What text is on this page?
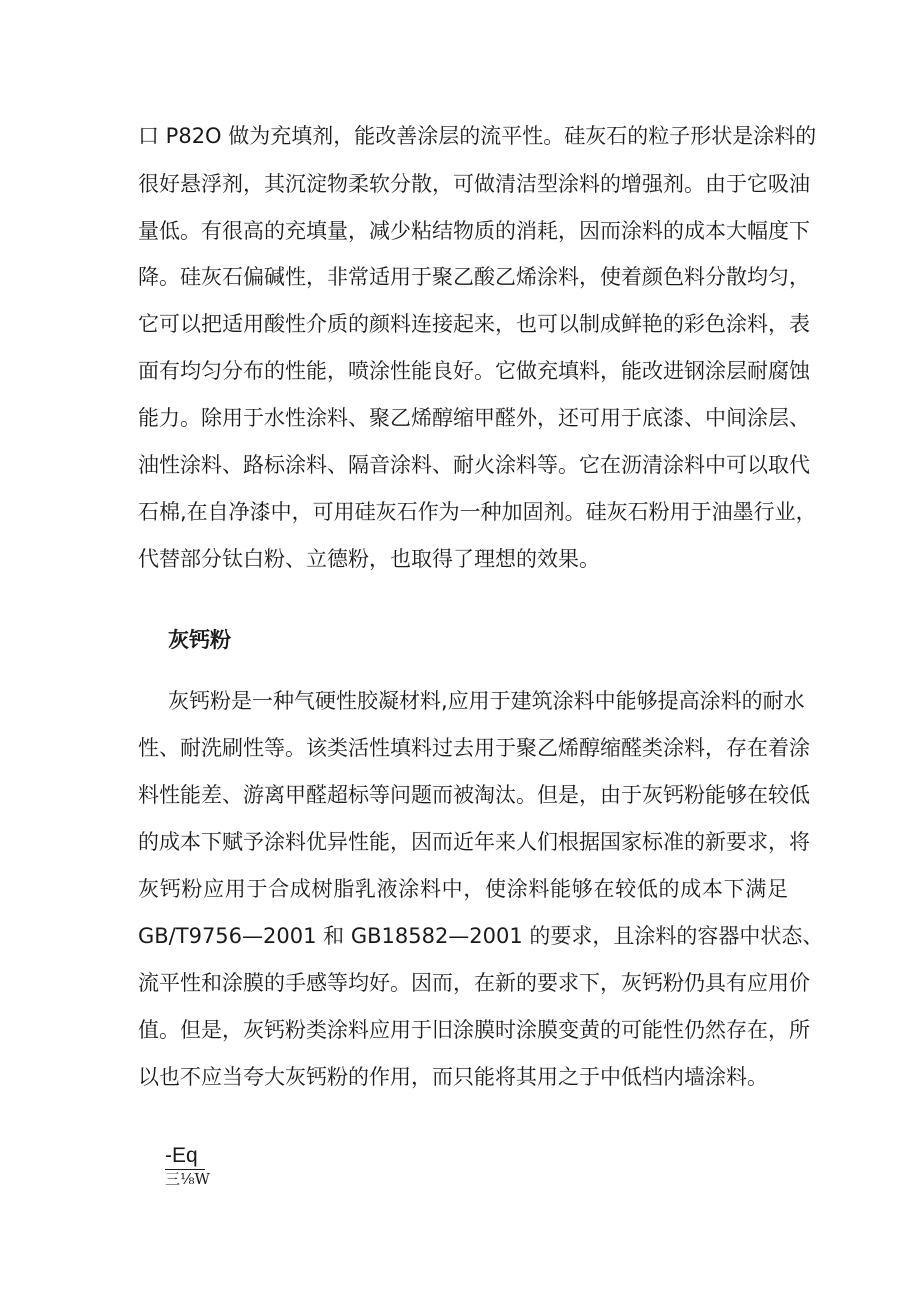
口 P82O 做为充填剂，能改善涂层的流平性。硅灰石的粒子形状是涂料的
很好悬浮剂，其沉淀物柔软分散，可做清洁型涂料的增强剂。由于它吸油
量低。有很高的充填量，减少粘结物质的消耗，因而涂料的成本大幅度下
降。硅灰石偏碱性，非常适用于聚乙酸乙烯涂料，使着颜色料分散均匀，
它可以把适用酸性介质的颜料连接起来，也可以制成鲜艳的彩色涂料，表
面有均匀分布的性能，喷涂性能良好。它做充填料，能改进钢涂层耐腐蚀
能力。除用于水性涂料、聚乙烯醇缩甲醛外，还可用于底漆、中间涂层、
油性涂料、路标涂料、隔音涂料、耐火涂料等。它在沥清涂料中可以取代
石棉,在自净漆中，可用硅灰石作为一种加固剂。硅灰石粉用于油墨行业，
代替部分钛白粉、立德粉，也取得了理想的效果。
灰钙粉
灰钙粉是一种气硬性胶凝材料,应用于建筑涂料中能够提高涂料的耐水
性、耐洗刷性等。该类活性填料过去用于聚乙烯醇缩醛类涂料，存在着涂
料性能差、游离甲醛超标等问题而被淘汰。但是，由于灰钙粉能够在较低
的成本下赋予涂料优异性能，因而近年来人们根据国家标准的新要求，将
灰钙粉应用于合成树脂乳液涂料中，使涂料能够在较低的成本下满足
GB/T9756—2001 和 GB18582—2001 的要求，且涂料的容器中状态、
流平性和涂膜的手感等均好。因而，在新的要求下，灰钙粉仍具有应用价
值。但是，灰钙粉类涂料应用于旧涂膜时涂膜变黄的可能性仍然存在，所
以也不应当夸大灰钙粉的作用，而只能将其用之于中低档内墙涂料。
-Eq
三⅛W
